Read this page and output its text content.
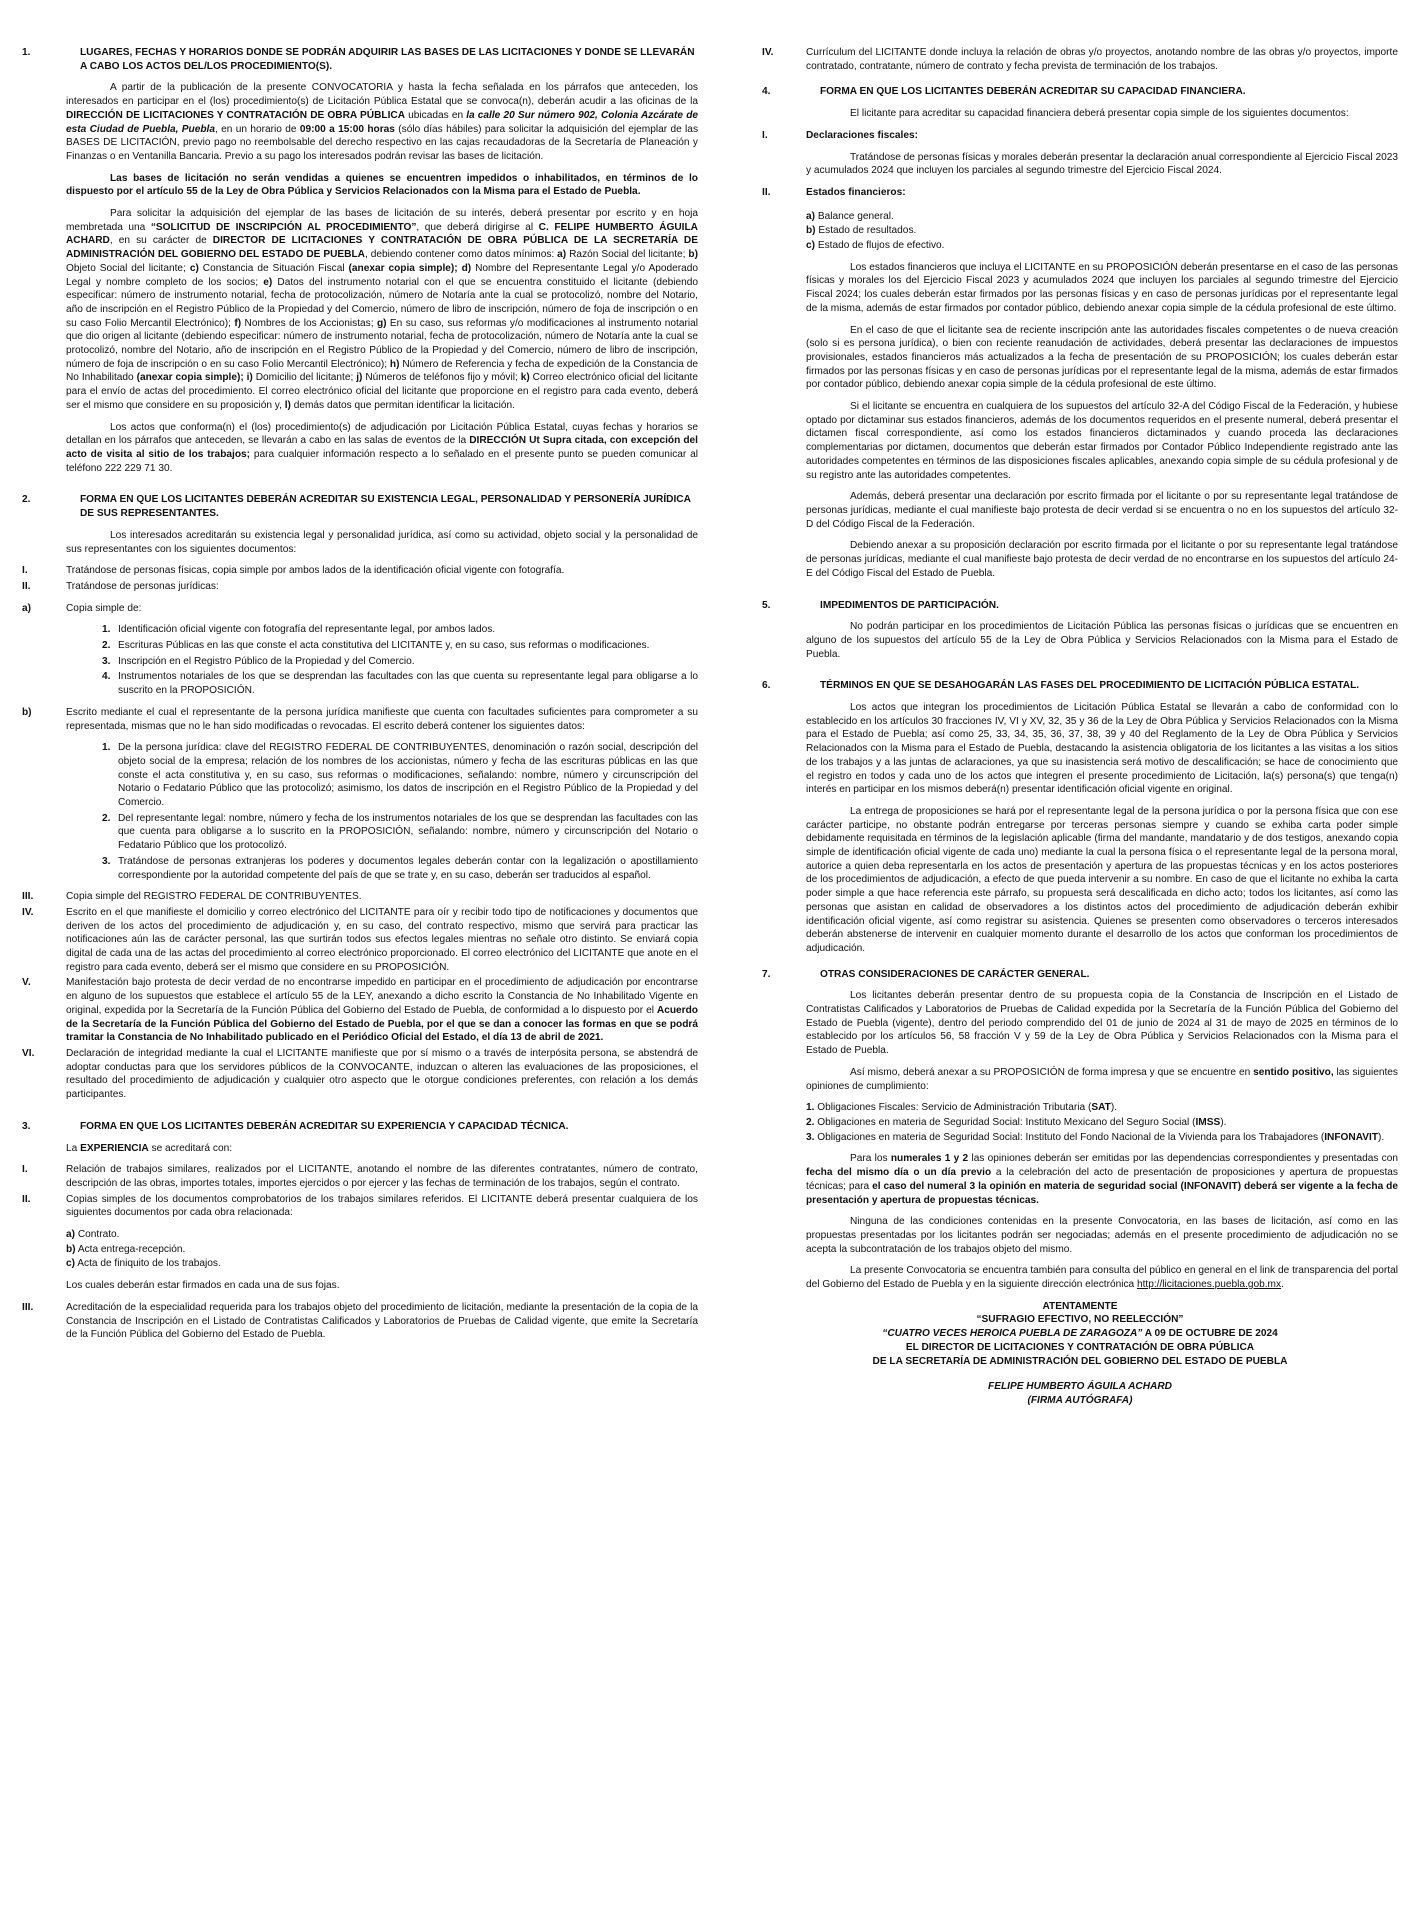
1.	LUGARES, FECHAS Y HORARIOS DONDE SE PODRÁN ADQUIRIR LAS BASES DE LAS LICITACIONES Y DONDE SE LLEVARÁN A CABO LOS ACTOS DEL/LOS PROCEDIMIENTO(S).

A partir de la publicación de la presente CONVOCATORIA y hasta la fecha señalada en los párrafos que anteceden, los interesados en participar en el (los) procedimiento(s) de Licitación Pública Estatal que se convoca(n), deberán acudir a las oficinas de la DIRECCIÓN DE LICITACIONES Y CONTRATACIÓN DE OBRA PÚBLICA ubicadas en la calle 20 Sur número 902, Colonia Azcárate de esta Ciudad de Puebla, Puebla, en un horario de 09:00 a 15:00 horas (sólo días hábiles) para solicitar la adquisición del ejemplar de las BASES DE LICITACIÓN, previo pago no reembolsable del derecho respectivo en las cajas recaudadoras de la Secretaría de Planeación y Finanzas o en Ventanilla Bancaria. Previo a su pago los interesados podrán revisar las bases de licitación.

Las bases de licitación no serán vendidas a quienes se encuentren impedidos o inhabilitados, en términos de lo dispuesto por el artículo 55 de la Ley de Obra Pública y Servicios Relacionados con la Misma para el Estado de Puebla.

Para solicitar la adquisición del ejemplar de las bases de licitación de su interés, deberá presentar por escrito y en hoja membretada una “SOLICITUD DE INSCRIPCIÓN AL PROCEDIMIENTO”, que deberá dirigirse al C. FELIPE HUMBERTO ÁGUILA ACHARD, en su carácter de DIRECTOR DE LICITACIONES Y CONTRATACIÓN DE OBRA PÚBLICA DE LA SECRETARÍA DE ADMINISTRACIÓN DEL GOBIERNO DEL ESTADO DE PUEBLA, debiendo contener como datos mínimos: a) Razón Social del licitante; b) Objeto Social del licitante; c) Constancia de Situación Fiscal (anexar copia simple); d) Nombre del Representante Legal y/o Apoderado Legal y nombre completo de los socios; e) Datos del instrumento notarial con el que se encuentra constituido el licitante (debiendo especificar: número de instrumento notarial, fecha de protocolización, número de Notaría ante la cual se protocolizó, nombre del Notario, año de inscripción en el Registro Público de la Propiedad y del Comercio, número de libro de inscripción, número de foja de inscripción o en su caso Folio Mercantil Electrónico); f) Nombres de los Accionistas; g) En su caso, sus reformas y/o modificaciones al instrumento notarial que dio origen al licitante (debiendo especificar: número de instrumento notarial, fecha de protocolización, número de Notaría ante la cual se protocolizó, nombre del Notario, año de inscripción en el Registro Público de la Propiedad y del Comercio, número de libro de inscripción, número de foja de inscripción o en su caso Folio Mercantil Electrónico); h) Número de Referencia y fecha de expedición de la Constancia de No Inhabilitado (anexar copia simple); i) Domicilio del licitante; j) Números de teléfonos fijo y móvil; k) Correo electrónico oficial del licitante para el envío de actas del procedimiento. El correo electrónico oficial del licitante que proporcione en el registro para cada evento, deberá ser el mismo que considere en su proposición y, l) demás datos que permitan identificar la licitación.

Los actos que conforma(n) el (los) procedimiento(s) de adjudicación por Licitación Pública Estatal, cuyas fechas y horarios se detallan en los párrafos que anteceden, se llevarán a cabo en las salas de eventos de la DIRECCIÓN Ut Supra citada, con excepción del acto de visita al sitio de los trabajos; para cualquier información respecto a lo señalado en el presente punto se pueden comunicar al teléfono 222 229 71 30.

2.	FORMA EN QUE LOS LICITANTES DEBERÁN ACREDITAR SU EXISTENCIA LEGAL, PERSONALIDAD Y PERSONERÍA JURÍDICA DE SUS REPRESENTANTES.

Los interesados acreditarán su existencia legal y personalidad jurídica, así como su actividad, objeto social y la personalidad de sus representantes con los siguientes documentos:

I.	Tratándose de personas físicas, copia simple por ambos lados de la identificación oficial vigente con fotografía.
II.	Tratándose de personas jurídicas:
a)	Copia simple de:
1. Identificación oficial vigente con fotografía del representante legal, por ambos lados.
2. Escrituras Públicas en las que conste el acta constitutiva del LICITANTE y, en su caso, sus reformas o modificaciones.
3. Inscripción en el Registro Público de la Propiedad y del Comercio.
4. Instrumentos notariales de los que se desprendan las facultades con las que cuenta su representante legal para obligarse a lo suscrito en la PROPOSICIÓN.
b)	Escrito mediante el cual el representante de la persona jurídica manifieste que cuenta con facultades suficientes para comprometer a su representada, mismas que no le han sido modificadas o revocadas. El escrito deberá contener los siguientes datos:
1. De la persona jurídica: clave del REGISTRO FEDERAL DE CONTRIBUYENTES, denominación o razón social, descripción del objeto social de la empresa; relación de los nombres de los accionistas, número y fecha de las escrituras públicas en las que conste el acta constitutiva y, en su caso, sus reformas o modificaciones, señalando: nombre, número y circunscripción del Notario o Fedatario Público que las protocolizó; asimismo, los datos de inscripción en el Registro Público de la Propiedad y del Comercio.
2. Del representante legal: nombre, número y fecha de los instrumentos notariales de los que se desprendan las facultades con las que cuenta para obligarse a lo suscrito en la PROPOSICIÓN, señalando: nombre, número y circunscripción del Notario o Fedatario Público que los protocolizó.
3. Tratándose de personas extranjeras los poderes y documentos legales deberán contar con la legalización o apostillamiento correspondiente por la autoridad competente del país de que se trate y, en su caso, deberán ser traducidos al español.
III.	Copia simple del REGISTRO FEDERAL DE CONTRIBUYENTES.
IV.	Escrito en el que manifieste el domicilio y correo electrónico del LICITANTE para oír y recibir todo tipo de notificaciones y documentos que deriven de los actos del procedimiento de adjudicación y, en su caso, del contrato respectivo, mismo que servirá para practicar las notificaciones aún las de carácter personal, las que surtirán todos sus efectos legales mientras no señale otro distinto. Se enviará copia digital de cada una de las actas del procedimiento al correo electrónico proporcionado. El correo electrónico del LICITANTE que anote en el registro para cada evento, deberá ser el mismo que considere en su PROPOSICIÓN.
V.	Manifestación bajo protesta de decir verdad de no encontrarse impedido en participar en el procedimiento de adjudicación por encontrarse en alguno de los supuestos que establece el artículo 55 de la LEY, anexando a dicho escrito la Constancia de No Inhabilitado Vigente en original, expedida por la Secretaría de la Función Pública del Gobierno del Estado de Puebla, de conformidad a lo dispuesto por el Acuerdo de la Secretaría de la Función Pública del Gobierno del Estado de Puebla, por el que se dan a conocer las formas en que se podrá tramitar la Constancia de No Inhabilitado publicado en el Periódico Oficial del Estado, el día 13 de abril de 2021.
VI.	Declaración de integridad mediante la cual el LICITANTE manifieste que por sí mismo o a través de interpósita persona, se abstendrá de adoptar conductas para que los servidores públicos de la CONVOCANTE, induzcan o alteren las evaluaciones de las proposiciones, el resultado del procedimiento de adjudicación y cualquier otro aspecto que le otorgue condiciones preferentes, con relación a los demás participantes.
3.	FORMA EN QUE LOS LICITANTES DEBERÁN ACREDITAR SU EXPERIENCIA Y CAPACIDAD TÉCNICA.

La EXPERIENCIA se acreditará con:

I.	Relación de trabajos similares, realizados por el LICITANTE, anotando el nombre de las diferentes contratantes, número de contrato, descripción de las obras, importes totales, importes ejercidos o por ejercer y las fechas de terminación de los trabajos, según el contrato.
II.	Copias simples de los documentos comprobatorios de los trabajos similares referidos. El LICITANTE deberá presentar cualquiera de los siguientes documentos por cada obra relacionada:
a) Contrato.
b) Acta entrega-recepción.
c) Acta de finiquito de los trabajos.

Los cuales deberán estar firmados en cada una de sus fojas.

III.	Acreditación de la especialidad requerida para los trabajos objeto del procedimiento de licitación, mediante la presentación de la copia de la Constancia de Inscripción en el Listado de Contratistas Calificados y Laboratorios de Pruebas de Calidad vigente, que emite la Secretaría de la Función Pública del Gobierno del Estado de Puebla.
IV.	Currículum del LICITANTE donde incluya la relación de obras y/o proyectos, anotando nombre de las obras y/o proyectos, importe contratado, contratante, número de contrato y fecha prevista de terminación de los trabajos.
4.	FORMA EN QUE LOS LICITANTES DEBERÁN ACREDITAR SU CAPACIDAD FINANCIERA.

El licitante para acreditar su capacidad financiera deberá presentar copia simple de los siguientes documentos:

I.	Declaraciones fiscales:

Tratándose de personas físicas y morales deberán presentar la declaración anual correspondiente al Ejercicio Fiscal 2023 y acumulados 2024 que incluyen los parciales al segundo trimestre del Ejercicio Fiscal 2024.

II.	Estados financieros:
a) Balance general.
b) Estado de resultados.
c) Estado de flujos de efectivo.

Los estados financieros que incluya el LICITANTE en su PROPOSICIÓN deberán presentarse en el caso de las personas físicas y morales los del Ejercicio Fiscal 2023 y acumulados 2024 que incluyen los parciales al segundo trimestre del Ejercicio Fiscal 2024; los cuales deberán estar firmados por las personas físicas y en caso de personas jurídicas por el representante legal de la misma, además de estar firmados por contador público, debiendo anexar copia simple de la cédula profesional de este último.

En el caso de que el licitante sea de reciente inscripción ante las autoridades fiscales competentes o de nueva creación (solo si es persona jurídica), o bien con reciente reanudación de actividades, deberá presentar las declaraciones de impuestos provisionales, estados financieros más actualizados a la fecha de presentación de su PROPOSICIÓN; los cuales deberán estar firmados por las personas físicas y en caso de personas jurídicas por el representante legal de la misma, además de estar firmados por contador público, debiendo anexar copia simple de la cédula profesional de este último.

Si el licitante se encuentra en cualquiera de los supuestos del artículo 32-A del Código Fiscal de la Federación, y hubiese optado por dictaminar sus estados financieros, además de los documentos requeridos en el presente numeral, deberá presentar el dictamen fiscal correspondiente, así como los estados financieros dictaminados y cuando proceda las declaraciones complementarias por dictamen, documentos que deberán estar firmados por Contador Público Independiente registrado ante las autoridades competentes en términos de las disposiciones fiscales aplicables, anexando copia simple de su cédula profesional y de su registro ante las autoridades competentes.

Además, deberá presentar una declaración por escrito firmada por el licitante o por su representante legal tratándose de personas jurídicas, mediante el cual manifieste bajo protesta de decir verdad si se encuentra o no en los supuestos del artículo 32-D del Código Fiscal de la Federación.

Debiendo anexar a su proposición declaración por escrito firmada por el licitante o por su representante legal tratándose de personas jurídicas, mediante el cual manifieste bajo protesta de decir verdad de no encontrarse en los supuestos del artículo 24-E del Código Fiscal del Estado de Puebla.

5.	IMPEDIMENTOS DE PARTICIPACIÓN.

No podrán participar en los procedimientos de Licitación Pública las personas físicas o jurídicas que se encuentren en alguno de los supuestos del artículo 55 de la Ley de Obra Pública y Servicios Relacionados con la Misma para el Estado de Puebla.

6.	TÉRMINOS EN QUE SE DESAHOGARÁN LAS FASES DEL PROCEDIMIENTO DE LICITACIÓN PÚBLICA ESTATAL.

Los actos que integran los procedimientos de Licitación Pública Estatal se llevarán a cabo de conformidad con lo establecido en los artículos 30 fracciones IV, VI y XV, 32, 35 y 36 de la Ley de Obra Pública y Servicios Relacionados con la Misma para el Estado de Puebla; así como 25, 33, 34, 35, 36, 37, 38, 39 y 40 del Reglamento de la Ley de Obra Pública y Servicios Relacionados con la Misma para el Estado de Puebla, destacando la asistencia obligatoria de los licitantes a las visitas a los sitios de los trabajos y a las juntas de aclaraciones, ya que su inasistencia será motivo de descalificación; se hace de conocimiento que el registro en todos y cada uno de los actos que integren el presente procedimiento de Licitación, la(s) persona(s) que tenga(n) interés en participar en los mismos deberá(n) presentar identificación oficial vigente en original.

La entrega de proposiciones se hará por el representante legal de la persona jurídica o por la persona física que con ese carácter participe, no obstante podrán entregarse por terceras personas siempre y cuando se exhiba carta poder simple debidamente requisitada en términos de la legislación aplicable (firma del mandante, mandatario y de dos testigos, anexando copia simple de identificación oficial vigente de cada uno) mediante la cual la persona física o el representante legal de la persona moral, autorice a quien deba representarla en los actos de presentación y apertura de las propuestas técnicas y en los actos posteriores de los procedimientos de adjudicación, a efecto de que pueda intervenir a su nombre. En caso de que el licitante no exhiba la carta poder simple a que hace referencia este párrafo, su propuesta será descalificada en dicho acto; todos los licitantes, así como las personas que asistan en calidad de observadores a los distintos actos del procedimiento de adjudicación deberán exhibir identificación oficial vigente, así como registrar su asistencia. Quienes se presenten como observadores o terceros interesados deberán abstenerse de intervenir en cualquier momento durante el desarrollo de los actos que conforman los procedimientos de adjudicación.

7.	OTRAS CONSIDERACIONES DE CARÁCTER GENERAL.

Los licitantes deberán presentar dentro de su propuesta copia de la Constancia de Inscripción en el Listado de Contratistas Calificados y Laboratorios de Pruebas de Calidad expedida por la Secretaría de la Función Pública del Gobierno del Estado de Puebla (vigente), dentro del periodo comprendido del 01 de junio de 2024 al 31 de mayo de 2025 en términos de lo establecido por los artículos 56, 58 fracción V y 59 de la Ley de Obra Pública y Servicios Relacionados con la Misma para el Estado de Puebla.

Así mismo, deberá anexar a su PROPOSICIÓN de forma impresa y que se encuentre en sentido positivo, las siguientes opiniones de cumplimiento:

1. Obligaciones Fiscales: Servicio de Administración Tributaria (SAT).
2. Obligaciones en materia de Seguridad Social: Instituto Mexicano del Seguro Social (IMSS).
3. Obligaciones en materia de Seguridad Social: Instituto del Fondo Nacional de la Vivienda para los Trabajadores (INFONAVIT).

Para los numerales 1 y 2 las opiniones deberán ser emitidas por las dependencias correspondientes y presentadas con fecha del mismo día o un día previo a la celebración del acto de presentación de proposiciones y apertura de propuestas técnicas; para el caso del numeral 3 la opinión en materia de seguridad social (INFONAVIT) deberá ser vigente a la fecha de presentación y apertura de propuestas técnicas.

Ninguna de las condiciones contenidas en la presente Convocatoria, en las bases de licitación, así como en las propuestas presentadas por los licitantes podrán ser negociadas; además en el presente procedimiento de adjudicación no se acepta la subcontratación de los trabajos objeto del mismo.

La presente Convocatoria se encuentra también para consulta del público en general en el link de transparencia del portal del Gobierno del Estado de Puebla y en la siguiente dirección electrónica http://licitaciones.puebla.gob.mx.

ATENTAMENTE
“SUFRAGIO EFECTIVO, NO REELECCIÓN”
“CUATRO VECES HEROICA PUEBLA DE ZARAGOZA” A 09 DE OCTUBRE DE 2024
EL DIRECTOR DE LICITACIONES Y CONTRATACIÓN DE OBRA PÚBLICA
DE LA SECRETARÍA DE ADMINISTRACIÓN DEL GOBIERNO DEL ESTADO DE PUEBLA
FELIPE HUMBERTO ÁGUILA ACHARD
(FIRMA AUTÓGRAFA)
